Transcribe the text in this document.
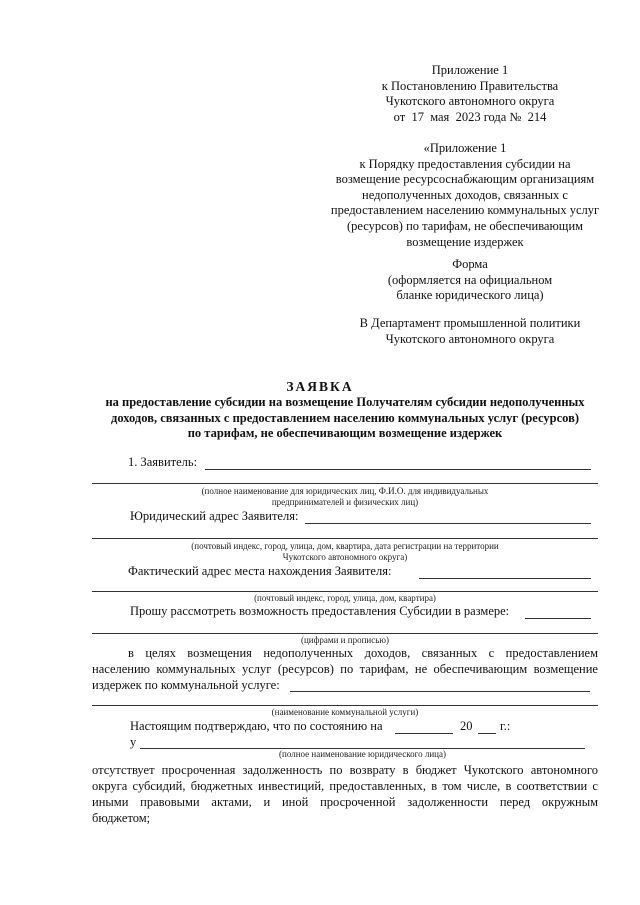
Приложение 1
к Постановлению Правительства
Чукотского автономного округа
от 17 мая 2023 года № 214
«Приложение 1
к Порядку предоставления субсидии на
возмещение ресурсоснабжающим организациям
недополученных доходов, связанных с
предоставлением населению коммунальных услуг
(ресурсов) по тарифам, не обеспечивающим
возмещение издержек
Форма
(оформляется на официальном
бланке юридического лица)
В Департамент промышленной политики
Чукотского автономного округа
ЗАЯВКА
на предоставление субсидии на возмещение Получателям субсидии недополученных
доходов, связанных с предоставлением населению коммунальных услуг (ресурсов)
по тарифам, не обеспечивающим возмещение издержек
1. Заявитель:
(полное наименование для юридических лиц, Ф.И.О. для индивидуальных
предпринимателей и физических лиц)
Юридический адрес Заявителя:
(почтовый индекс, город, улица, дом, квартира, дата регистрации на территории
Чукотского автономного округа)
Фактический адрес места нахождения Заявителя:
(почтовый индекс, город, улица, дом, квартира)
Прошу рассмотреть возможность предоставления Субсидии в размере:
(цифрами и прописью)
в целях возмещения недополученных доходов, связанных с предоставлением
населению коммунальных услуг (ресурсов) по тарифам, не обеспечивающим возмещение
издержек по коммунальной услуге:
(наименование коммунальной услуги)
Настоящим подтверждаю, что по состоянию на	20 г.:
у
(полное наименование юридического лица)
отсутствует просроченная задолженность по возврату в бюджет Чукотского автономного
округа субсидий, бюджетных инвестиций, предоставленных, в том числе, в соответствии с
иными правовыми актами, и иной просроченной задолженности перед окружным
бюджетом;
